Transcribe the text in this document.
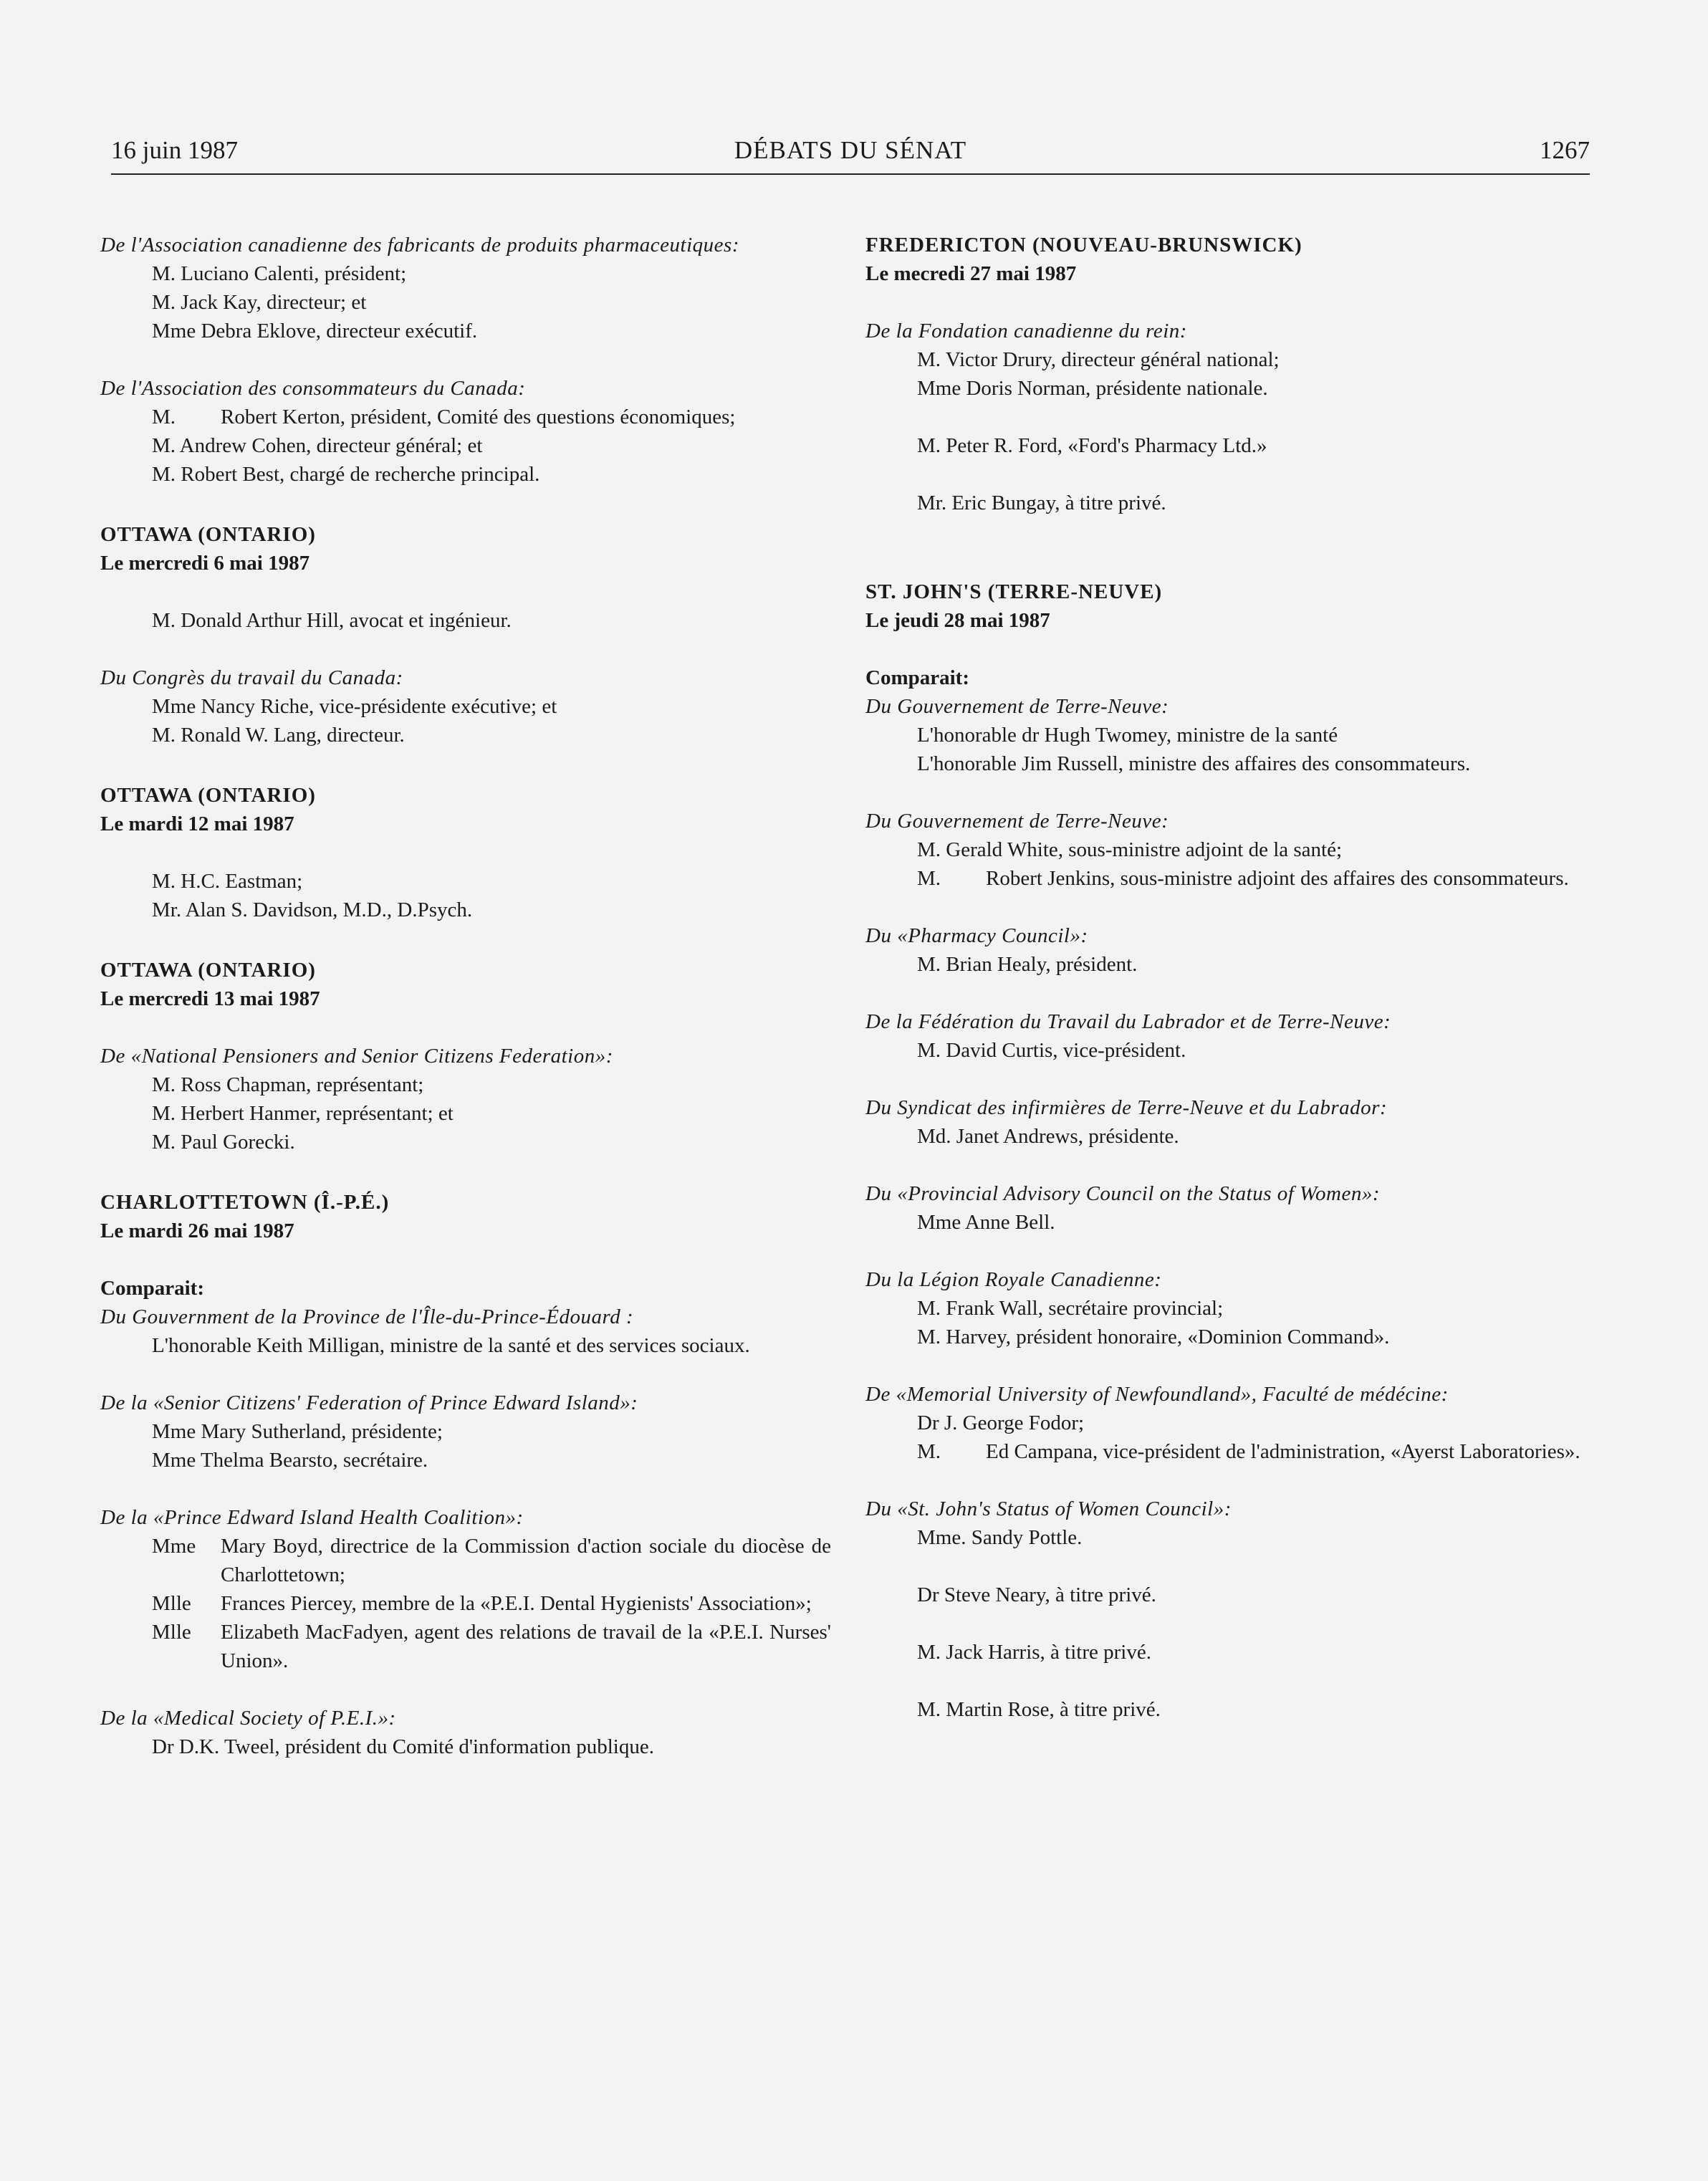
16 juin 1987	DÉBATS DU SÉNAT	1267

De l'Association canadienne des fabricants de produits pharmaceutiques:

M. Luciano Calenti, président;

M. Jack Kay, directeur; et

Mme Debra Eklove, directeur exécutif.

De l'Association des consommateurs du Canada:

M.	Robert Kerton, président, Comité des questions économiques;

M. Andrew Cohen, directeur général; et

M. Robert Best, chargé de recherche principal.

OTTAWA (ONTARIO)

Le mercredi 6 mai 1987

M. Donald Arthur Hill, avocat et ingénieur.

Du Congrès du travail du Canada:

Mme Nancy Riche, vice-présidente exécutive; et

M. Ronald W. Lang, directeur.

OTTAWA (ONTARIO)

Le mardi 12 mai 1987

M. H.C. Eastman;

Mr. Alan S. Davidson, M.D., D.Psych.

OTTAWA (ONTARIO)

Le mercredi 13 mai 1987

De «National Pensioners and Senior Citizens Federation»:

M. Ross Chapman, représentant;

M. Herbert Hanmer, représentant; et

M. Paul Gorecki.

CHARLOTTETOWN (Î.-P.É.)

Le mardi 26 mai 1987

Comparait:

Du Gouvernment de la Province de l'Île-du-Prince-Édouard :

L'honorable Keith Milligan, ministre de la santé et des services sociaux.

De la «Senior Citizens' Federation of Prince Edward Island»:

Mme Mary Sutherland, présidente;

Mme Thelma Bearsto, secrétaire.

De la «Prince Edward Island Health Coalition»:

Mme	Mary Boyd, directrice de la Commission d'action sociale du diocèse de Charlottetown;
Mlle	Frances Piercey, membre de la «P.E.I. Dental Hygienists' Association»;
Mlle	Elizabeth MacFadyen, agent des relations de travail de la «P.E.I. Nurses' Union».

De la «Medical Society of P.E.I.»:

Dr D.K. Tweel, président du Comité d'information publique.

FREDERICTON (NOUVEAU-BRUNSWICK)

Le mecredi 27 mai 1987

De la Fondation canadienne du rein:

M. Victor Drury, directeur général national;

Mme Doris Norman, présidente nationale.

M. Peter R. Ford, «Ford's Pharmacy Ltd.»

Mr. Eric Bungay, à titre privé.

ST. JOHN'S (TERRE-NEUVE)

Le jeudi 28 mai 1987

Comparait:

Du Gouvernement de Terre-Neuve:

L'honorable dr Hugh Twomey, ministre de la santé

L'honorable Jim Russell, ministre des affaires des consommateurs.

Du Gouvernement de Terre-Neuve:

M. Gerald White, sous-ministre adjoint de la santé;

M.	Robert Jenkins, sous-ministre adjoint des affaires des consommateurs.

Du «Pharmacy Council»:

M. Brian Healy, président.

De la Fédération du Travail du Labrador et de Terre-Neuve:

M. David Curtis, vice-président.

Du Syndicat des infirmières de Terre-Neuve et du Labrador:

Md. Janet Andrews, présidente.

Du «Provincial Advisory Council on the Status of Women»:

Mme Anne Bell.

Du la Légion Royale Canadienne:

M. Frank Wall, secrétaire provincial;

M. Harvey, président honoraire, «Dominion Command».

De «Memorial University of Newfoundland», Faculté de médécine:

Dr J. George Fodor;

M.	Ed Campana, vice-président de l'administration, «Ayerst Laboratories».

Du «St. John's Status of Women Council»:

Mme. Sandy Pottle.

Dr Steve Neary, à titre privé.

M. Jack Harris, à titre privé.

M. Martin Rose, à titre privé.
